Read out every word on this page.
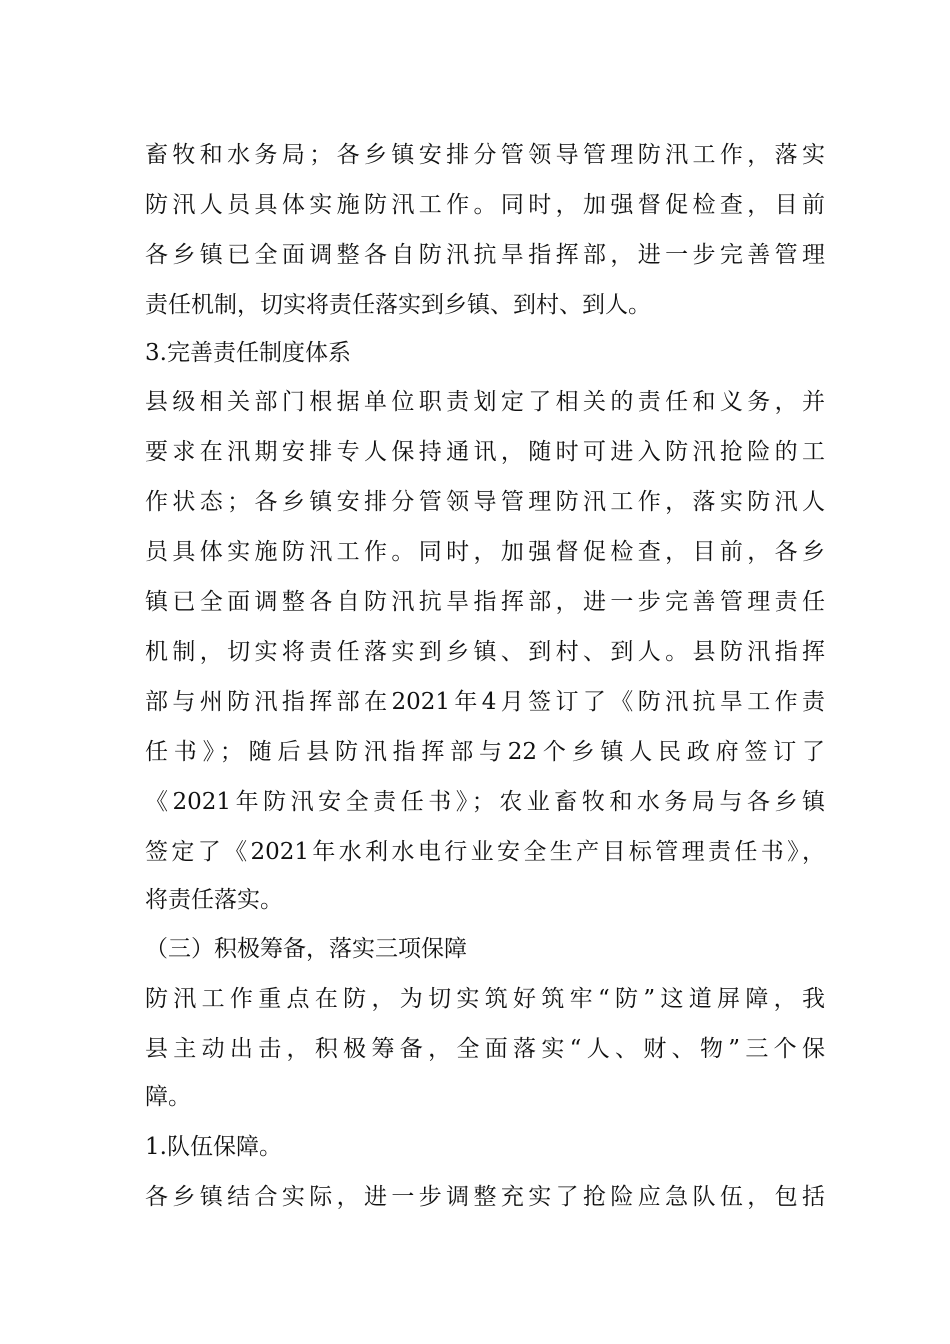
畜牧和水务局；各乡镇安排分管领导管理防汛工作，落实
防汛人员具体实施防汛工作。同时，加强督促检查，目前
各乡镇已全面调整各自防汛抗旱指挥部，进一步完善管理
责任机制，切实将责任落实到乡镇、到村、到人。
3.完善责任制度体系
县级相关部门根据单位职责划定了相关的责任和义务，并
要求在汛期安排专人保持通讯，随时可进入防汛抢险的工
作状态；各乡镇安排分管领导管理防汛工作，落实防汛人
员具体实施防汛工作。同时，加强督促检查，目前，各乡
镇已全面调整各自防汛抗旱指挥部，进一步完善管理责任
机制，切实将责任落实到乡镇、到村、到人。县防汛指挥
部与州防汛指挥部在2021年4月签订了《防汛抗旱工作责
任书》；随后县防汛指挥部与22个乡镇人民政府签订了
《2021年防汛安全责任书》；农业畜牧和水务局与各乡镇
签定了《2021年水利水电行业安全生产目标管理责任书》，
将责任落实。
（三）积极筹备，落实三项保障
防汛工作重点在防，为切实筑好筑牢“防”这道屏障，我
县主动出击，积极筹备，全面落实“人、财、物”三个保
障。
1.队伍保障。
各乡镇结合实际，进一步调整充实了抢险应急队伍，包括
